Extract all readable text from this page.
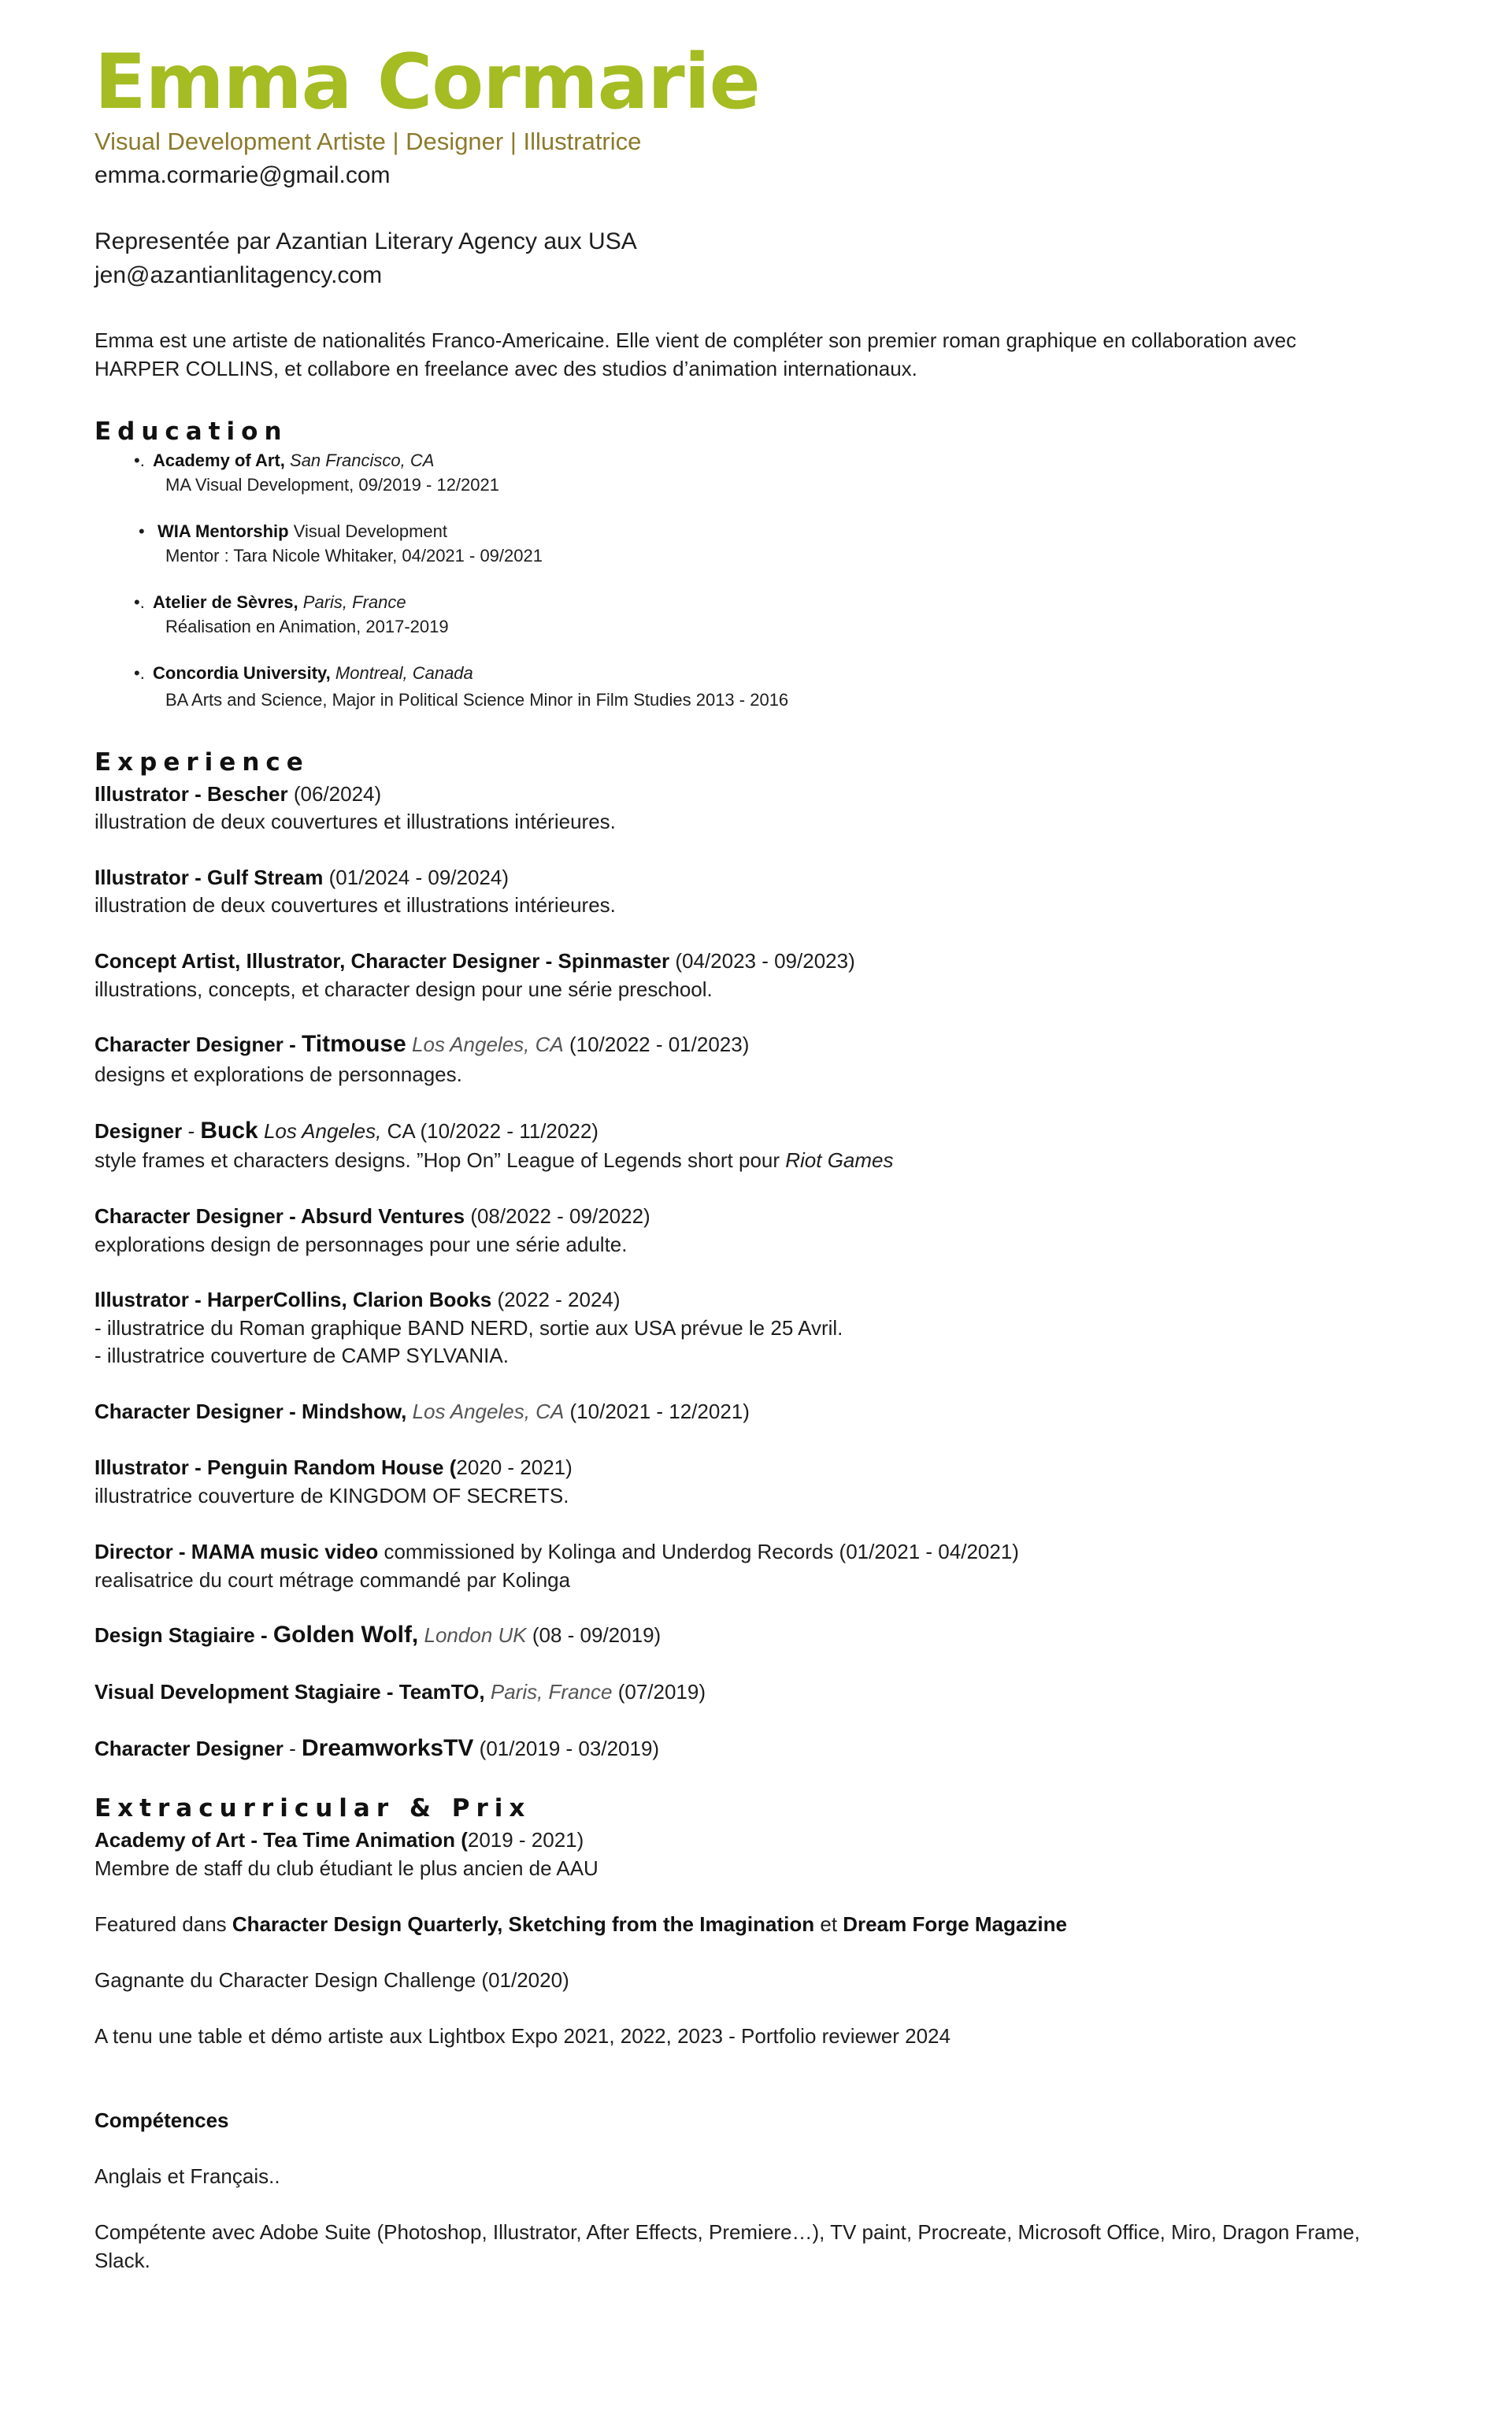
Emma Cormarie
Visual Development Artiste | Designer | Illustratrice
emma.cormarie@gmail.com
Representée par Azantian Literary Agency aux USA
jen@azantianlitagency.com
Emma est une artiste de nationalités Franco-Americaine. Elle vient de compléter son premier roman graphique en collaboration avec
HARPER COLLINS, et collabore en freelance avec des studios d’animation internationaux.
Education
•. Academy of Art, San Francisco, CA
MA Visual Development, 09/2019 - 12/2021
• WIA Mentorship Visual Development
Mentor : Tara Nicole Whitaker, 04/2021 - 09/2021
•. Atelier de Sèvres, Paris, France
Réalisation en Animation, 2017-2019
•. Concordia University, Montreal, Canada
BA Arts and Science, Major in Political Science Minor in Film Studies 2013 - 2016
Experience
Illustrator - Bescher (06/2024)
illustration de deux couvertures et illustrations intérieures.
Illustrator - Gulf Stream (01/2024 - 09/2024)
illustration de deux couvertures et illustrations intérieures.
Concept Artist, Illustrator, Character Designer - Spinmaster (04/2023 - 09/2023)
illustrations, concepts, et character design pour une série preschool.
Character Designer - Titmouse Los Angeles, CA (10/2022 - 01/2023)
designs et explorations de personnages.
Designer - Buck Los Angeles, CA (10/2022 - 11/2022)
style frames et characters designs. ”Hop On” League of Legends short pour Riot Games
Character Designer - Absurd Ventures (08/2022 - 09/2022)
explorations design de personnages pour une série adulte.
Illustrator - HarperCollins, Clarion Books (2022 - 2024)
- illustratrice du Roman graphique BAND NERD, sortie aux USA prévue le 25 Avril.
- illustratrice couverture de CAMP SYLVANIA.
Character Designer - Mindshow, Los Angeles, CA (10/2021 - 12/2021)
Illustrator - Penguin Random House (2020 - 2021)
illustratrice couverture de KINGDOM OF SECRETS.
Director - MAMA music video commissioned by Kolinga and Underdog Records (01/2021 - 04/2021)
realisatrice du court métrage commandé par Kolinga
Design Stagiaire - Golden Wolf, London UK (08 - 09/2019)
Visual Development Stagiaire - TeamTO, Paris, France (07/2019)
Character Designer - DreamworksTV (01/2019 - 03/2019)
Extracurricular & Prix
Academy of Art - Tea Time Animation (2019 - 2021)
Membre de staff du club étudiant le plus ancien de AAU
Featured dans Character Design Quarterly, Sketching from the Imagination et Dream Forge Magazine
Gagnante du Character Design Challenge (01/2020)
A tenu une table et démo artiste aux Lightbox Expo 2021, 2022, 2023 - Portfolio reviewer 2024
Compétences
Anglais et Français..
Compétente avec Adobe Suite (Photoshop, Illustrator, After Effects, Premiere…), TV paint, Procreate, Microsoft Office, Miro, Dragon Frame,
Slack.
